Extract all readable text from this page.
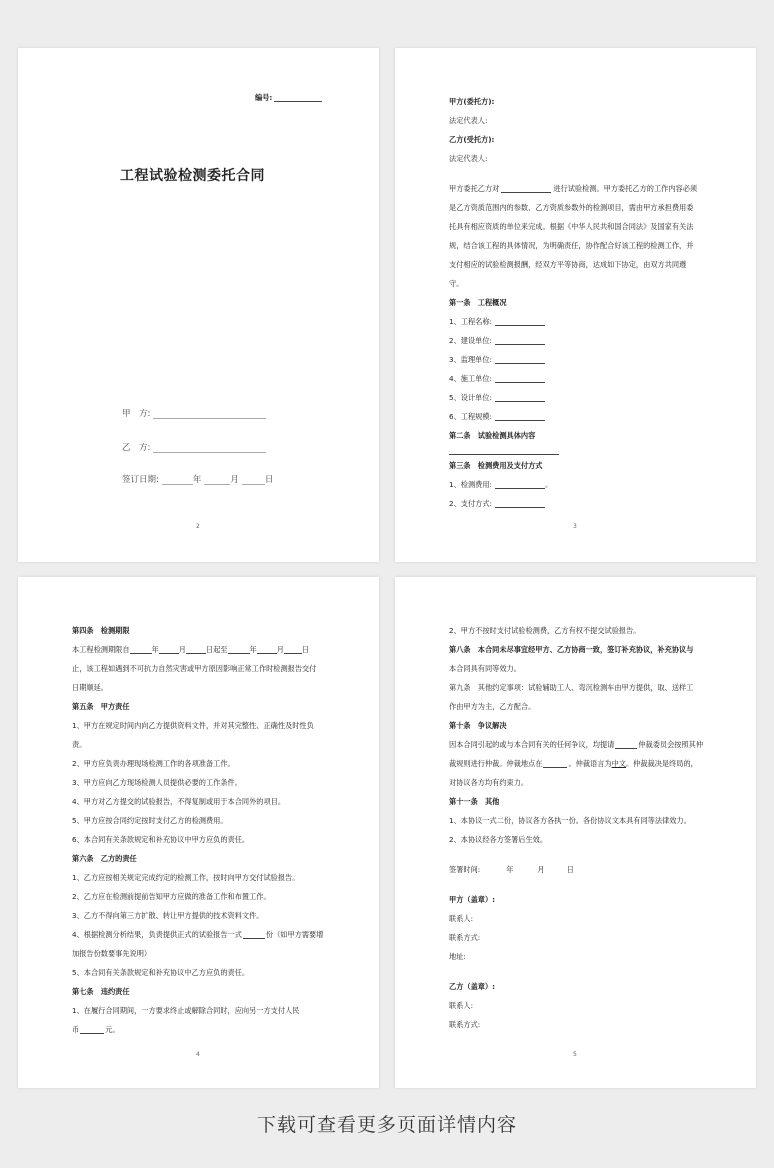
编号:
工程试验检测委托合同
甲　方:
乙　方:
签订日期:	年	月	日
2
甲方(委托方):
法定代表人:
乙方(受托方):
法定代表人:
甲方委托乙方对	进行试验检测。甲方委托乙方的工作内容必须
是乙方资质范围内的参数、乙方资质参数外的检测项目，需由甲方承担费用委
托具有相应资质的单位来完成。根据《中华人民共和国合同法》及国家有关法
规，结合该工程的具体情况，为明确责任，协作配合好该工程的检测工作，并
支付相应的试验检测报酬，经双方平等协商，达成如下协定，由双方共同遵
守。
第一条　工程概况
1、工程名称:
2、建设单位:
3、监理单位:
4、施工单位:
5、设计单位:
6、工程规模:
第二条　试验检测具体内容
第三条　检测费用及支付方式
1、检测费用:	。
2、支付方式:
3
第四条　检测期限
本工程检测期限自	年	月	日起至	年	月	日
止，该工程如遇到不可抗力自然灾害或甲方原因影响正常工作时检测报告交付
日期顺延。
第五条　甲方责任
1、甲方在规定时间内向乙方提供资料文件，并对其完整性、正确性及时性负
责。
2、甲方应负责办理现场检测工作的各项准备工作。
3、甲方应向乙方现场检测人员提供必要的工作条件。
4、甲方对乙方提交的试验报告，不得复制或用于本合同外的项目。
5、甲方应按合同约定按时支付乙方的检测费用。
6、本合同有关条款规定和补充协议中甲方应负的责任。
第六条　乙方的责任
1、乙方应按相关规定完成约定的检测工作，按时向甲方交付试验报告。
2、乙方应在检测前提前告知甲方应做的准备工作和布置工作。
3、乙方不得向第三方扩散、转让甲方提供的技术资料文件。
4、根据检测分析结果，负责提供正式的试验报告一式	份（如甲方需要增
加报告份数要事先说明）
5、本合同有关条款规定和补充协议中乙方应负的责任。
第七条　违约责任
1、在履行合同期间，一方要求终止或解除合同时，应向另一方支付人民
币	元。
4
2、甲方不按时支付试验检测费，乙方有权不提交试验报告。
第八条　本合同未尽事宜经甲方、乙方协商一致，签订补充协议，补充协议与
本合同具有同等效力。
第九条　其他约定事项：试验辅助工人、弯沉检测车由甲方提供，取、送样工
作由甲方为主，乙方配合。
第十条　争议解决
因本合同引起的或与本合同有关的任何争议，均提请	仲裁委员会按照其仲
裁规则进行仲裁。仲裁地点在	。仲裁语言为中文。仲裁裁决是终局的，
对协议各方均有约束力。
第十一条　其他
1、本协议一式二份，协议各方各执一份。各份协议文本具有同等法律效力。
2、本协议经各方签署后生效。
签署时间:	年	月	日
甲方（盖章）:
联系人:
联系方式:
地址:
乙方（盖章）:
联系人:
联系方式:
5
下载可查看更多页面详情内容
